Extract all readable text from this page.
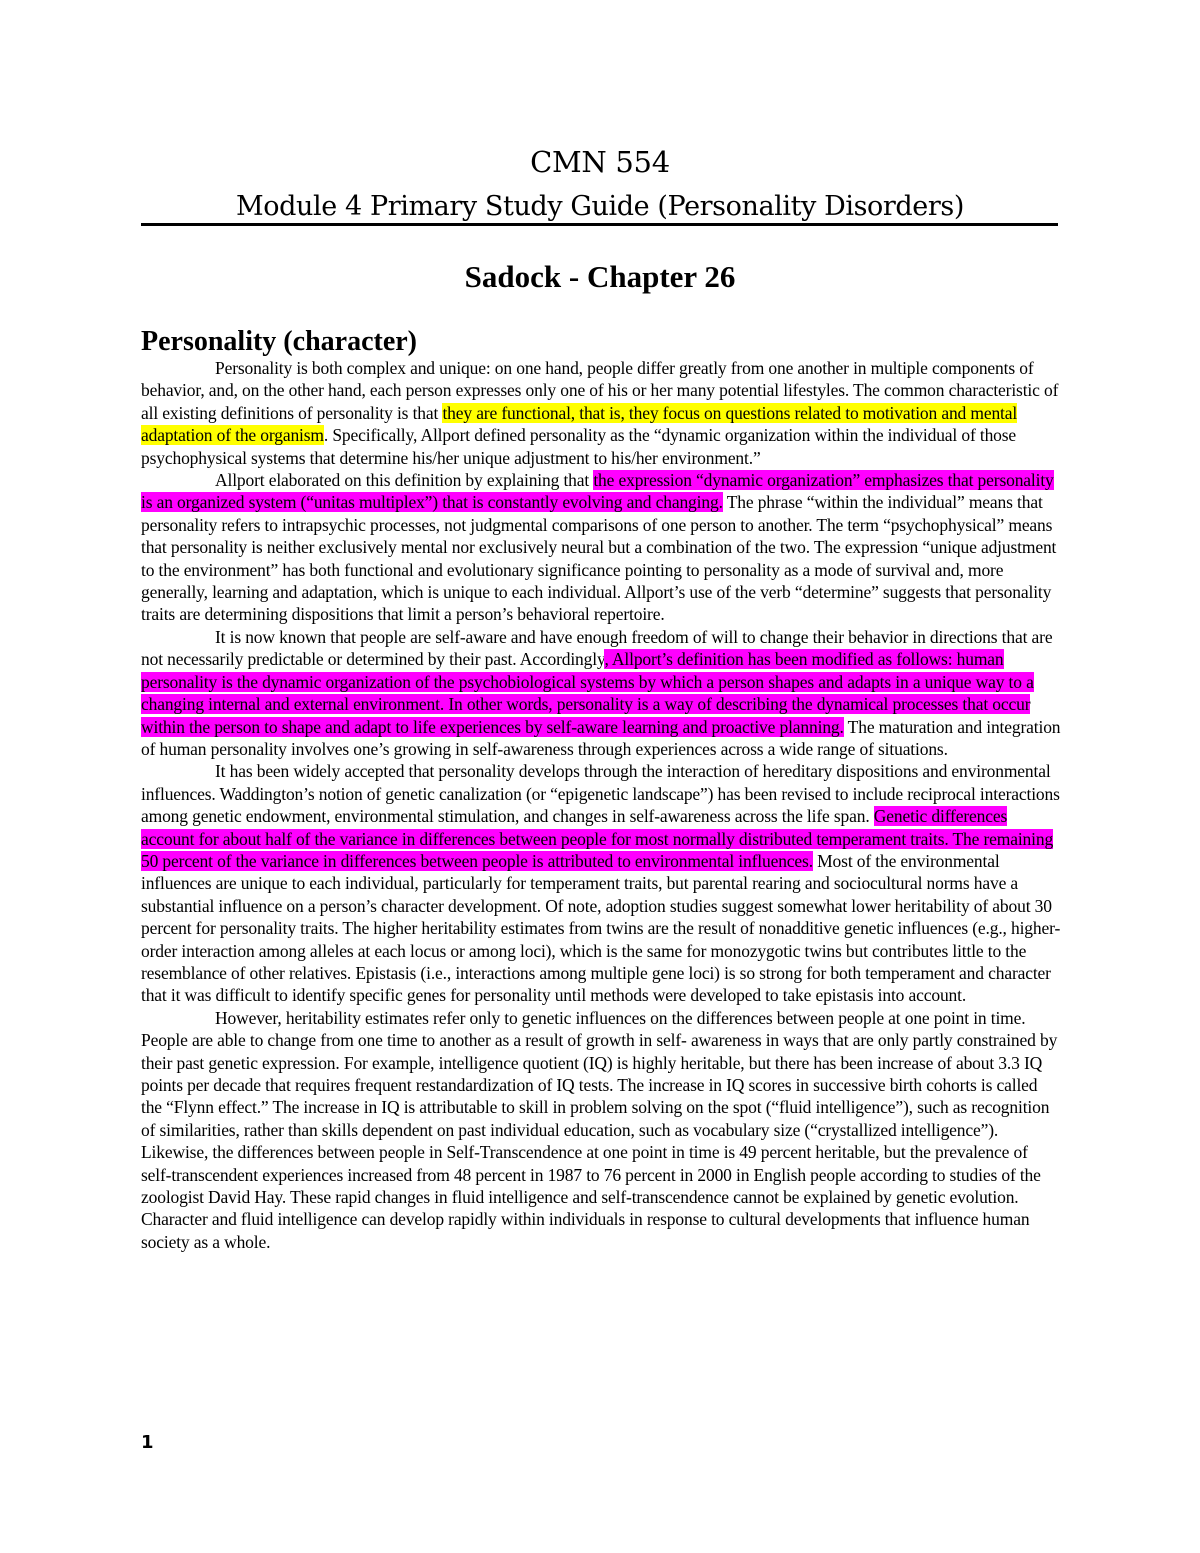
CMN 554
Module 4 Primary Study Guide (Personality Disorders)
Sadock - Chapter 26
Personality (character)

Personality is both complex and unique: on one hand, people differ greatly from one another in multiple components of behavior, and, on the other hand, each person expresses only one of his or her many potential lifestyles. The common characteristic of all existing definitions of personality is that they are functional, that is, they focus on questions related to motivation and mental adaptation of the organism. Specifically, Allport defined personality as the “dynamic organization within the individual of those psychophysical systems that determine his/her unique adjustment to his/her environment.”

Allport elaborated on this definition by explaining that the expression “dynamic organization” emphasizes that personality is an organized system (“unitas multiplex”) that is constantly evolving and changing. The phrase “within the individual” means that personality refers to intrapsychic processes, not judgmental comparisons of one person to another. The term “psychophysical” means that personality is neither exclusively mental nor exclusively neural but a combination of the two. The expression “unique adjustment to the environment” has both functional and evolutionary significance pointing to personality as a mode of survival and, more generally, learning and adaptation, which is unique to each individual. Allport’s use of the verb “determine” suggests that personality traits are determining dispositions that limit a person’s behavioral repertoire.

It is now known that people are self-aware and have enough freedom of will to change their behavior in directions that are not necessarily predictable or determined by their past. Accordingly, Allport’s definition has been modified as follows: human personality is the dynamic organization of the psychobiological systems by which a person shapes and adapts in a unique way to a changing internal and external environment. In other words, personality is a way of describing the dynamical processes that occur within the person to shape and adapt to life experiences by self-aware learning and proactive planning. The maturation and integration of human personality involves one’s growing in self-awareness through experiences across a wide range of situations.

It has been widely accepted that personality develops through the interaction of hereditary dispositions and environmental influences. Waddington’s notion of genetic canalization (or “epigenetic landscape”) has been revised to include reciprocal interactions among genetic endowment, environmental stimulation, and changes in self-awareness across the life span. Genetic differences account for about half of the variance in differences between people for most normally distributed temperament traits. The remaining 50 percent of the variance in differences between people is attributed to environmental influences. Most of the environmental influences are unique to each individual, particularly for temperament traits, but parental rearing and sociocultural norms have a substantial influence on a person’s character development. Of note, adoption studies suggest somewhat lower heritability of about 30 percent for personality traits. The higher heritability estimates from twins are the result of nonadditive genetic influences (e.g., higher-order interaction among alleles at each locus or among loci), which is the same for monozygotic twins but contributes little to the resemblance of other relatives. Epistasis (i.e., interactions among multiple gene loci) is so strong for both temperament and character that it was difficult to identify specific genes for personality until methods were developed to take epistasis into account.

However, heritability estimates refer only to genetic influences on the differences between people at one point in time. People are able to change from one time to another as a result of growth in self- awareness in ways that are only partly constrained by their past genetic expression. For example, intelligence quotient (IQ) is highly heritable, but there has been increase of about 3.3 IQ points per decade that requires frequent restandardization of IQ tests. The increase in IQ scores in successive birth cohorts is called the “Flynn effect.” The increase in IQ is attributable to skill in problem solving on the spot (“fluid intelligence”), such as recognition of similarities, rather than skills dependent on past individual education, such as vocabulary size (“crystallized intelligence”). Likewise, the differences between people in Self-Transcendence at one point in time is 49 percent heritable, but the prevalence of self-transcendent experiences increased from 48 percent in 1987 to 76 percent in 2000 in English people according to studies of the zoologist David Hay. These rapid changes in fluid intelligence and self-transcendence cannot be explained by genetic evolution. Character and fluid intelligence can develop rapidly within individuals in response to cultural developments that influence human society as a whole.

1
